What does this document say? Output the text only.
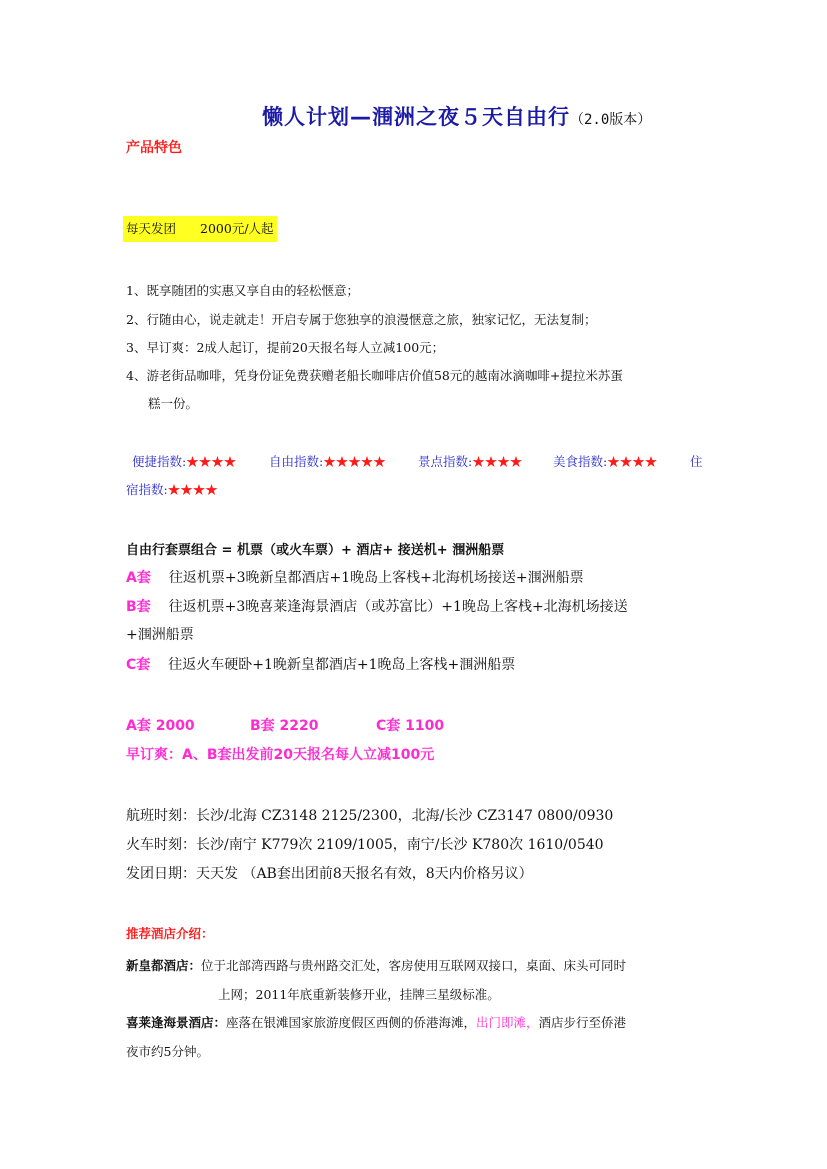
懒人计划—涠洲之夜５天自由行（2.0版本）
产品特色
每天发团 2000元/人起
1、既享随团的实惠又享自由的轻松惬意；
2、行随由心，说走就走！开启专属于您独享的浪漫惬意之旅，独家记忆，无法复制；
3、早订爽：2成人起订，提前20天报名每人立减100元；
4、游老街品咖啡，凭身份证免费获赠老船长咖啡店价值58元的越南冰滴咖啡+提拉米苏蛋
糕一份。
便捷指数:★★★★	自由指数:★★★★★	景点指数:★★★★ 美食指数:★★★★	住
宿指数:★★★★
自由行套票组合 = 机票（或火车票）+ 酒店+ 接送机+ 涠洲船票
A套 往返机票+3晚新皇都酒店+1晚岛上客栈+北海机场接送+涠洲船票
B套 往返机票+3晚喜莱逢海景酒店（或苏富比）+1晚岛上客栈+北海机场接送
+涠洲船票
C套 往返火车硬卧+1晚新皇都酒店+1晚岛上客栈+涠洲船票
A套 2000	B套 2220	C套 1100
早订爽：A、B套出发前20天报名每人立减100元
航班时刻：长沙/北海 CZ3148 2125/2300，北海/长沙 CZ3147 0800/0930
火车时刻：长沙/南宁 K779次 2109/1005，南宁/长沙 K780次 1610/0540
发团日期：天天发 （AB套出团前8天报名有效，8天内价格另议）
推荐酒店介绍：
新皇都酒店：位于北部湾西路与贵州路交汇处，客房使用互联网双接口，桌面、床头可同时
上网；2011年底重新装修开业，挂牌三星级标准。
喜莱逢海景酒店：座落在银滩国家旅游度假区西侧的侨港海滩，出门即滩，酒店步行至侨港
夜市约5分钟。
